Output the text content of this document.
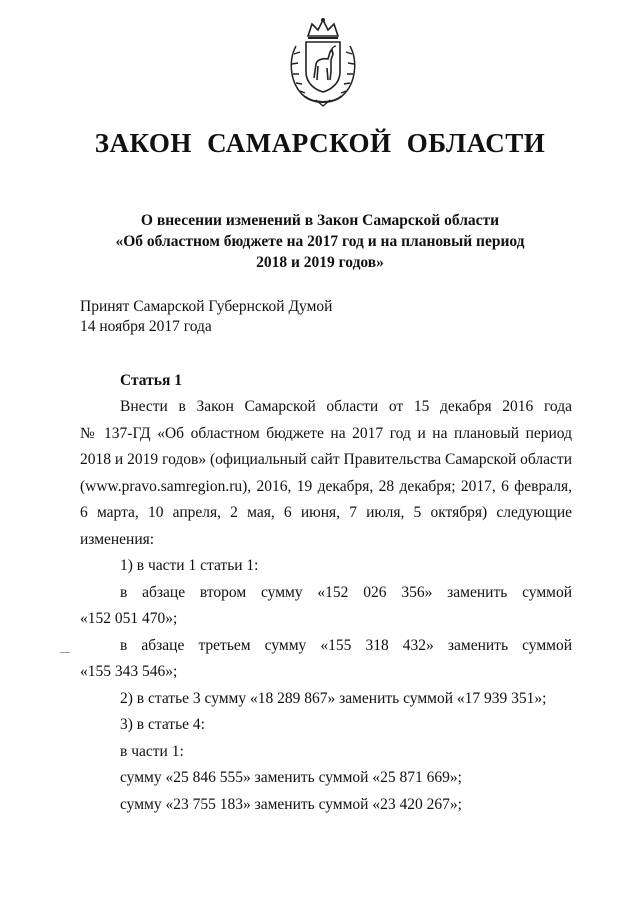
ЗАКОН САМАРСКОЙ ОБЛАСТИ
О внесении изменений в Закон Самарской области
«Об областном бюджете на 2017 год и на плановый период
2018 и 2019 годов»
Принят Самарской Губернской Думой
14 ноября 2017 года
Статья 1
Внести в Закон Самарской области от 15 декабря 2016 года
№ 137-ГД «Об областном бюджете на 2017 год и на плановый период
2018 и 2019 годов» (официальный сайт Правительства Самарской области
(www.pravo.samregion.ru), 2016, 19 декабря, 28 декабря; 2017, 6 февраля,
6 марта, 10 апреля, 2 мая, 6 июня, 7 июля, 5 октября) следующие
изменения:
1) в части 1 статьи 1:
в абзаце втором сумму «152 026 356» заменить суммой
«152 051 470»;
в абзаце третьем сумму «155 318 432» заменить суммой
«155 343 546»;
2) в статье 3 сумму «18 289 867» заменить суммой «17 939 351»;
3) в статье 4:
в части 1:
сумму «25 846 555» заменить суммой «25 871 669»;
сумму «23 755 183» заменить суммой «23 420 267»;
